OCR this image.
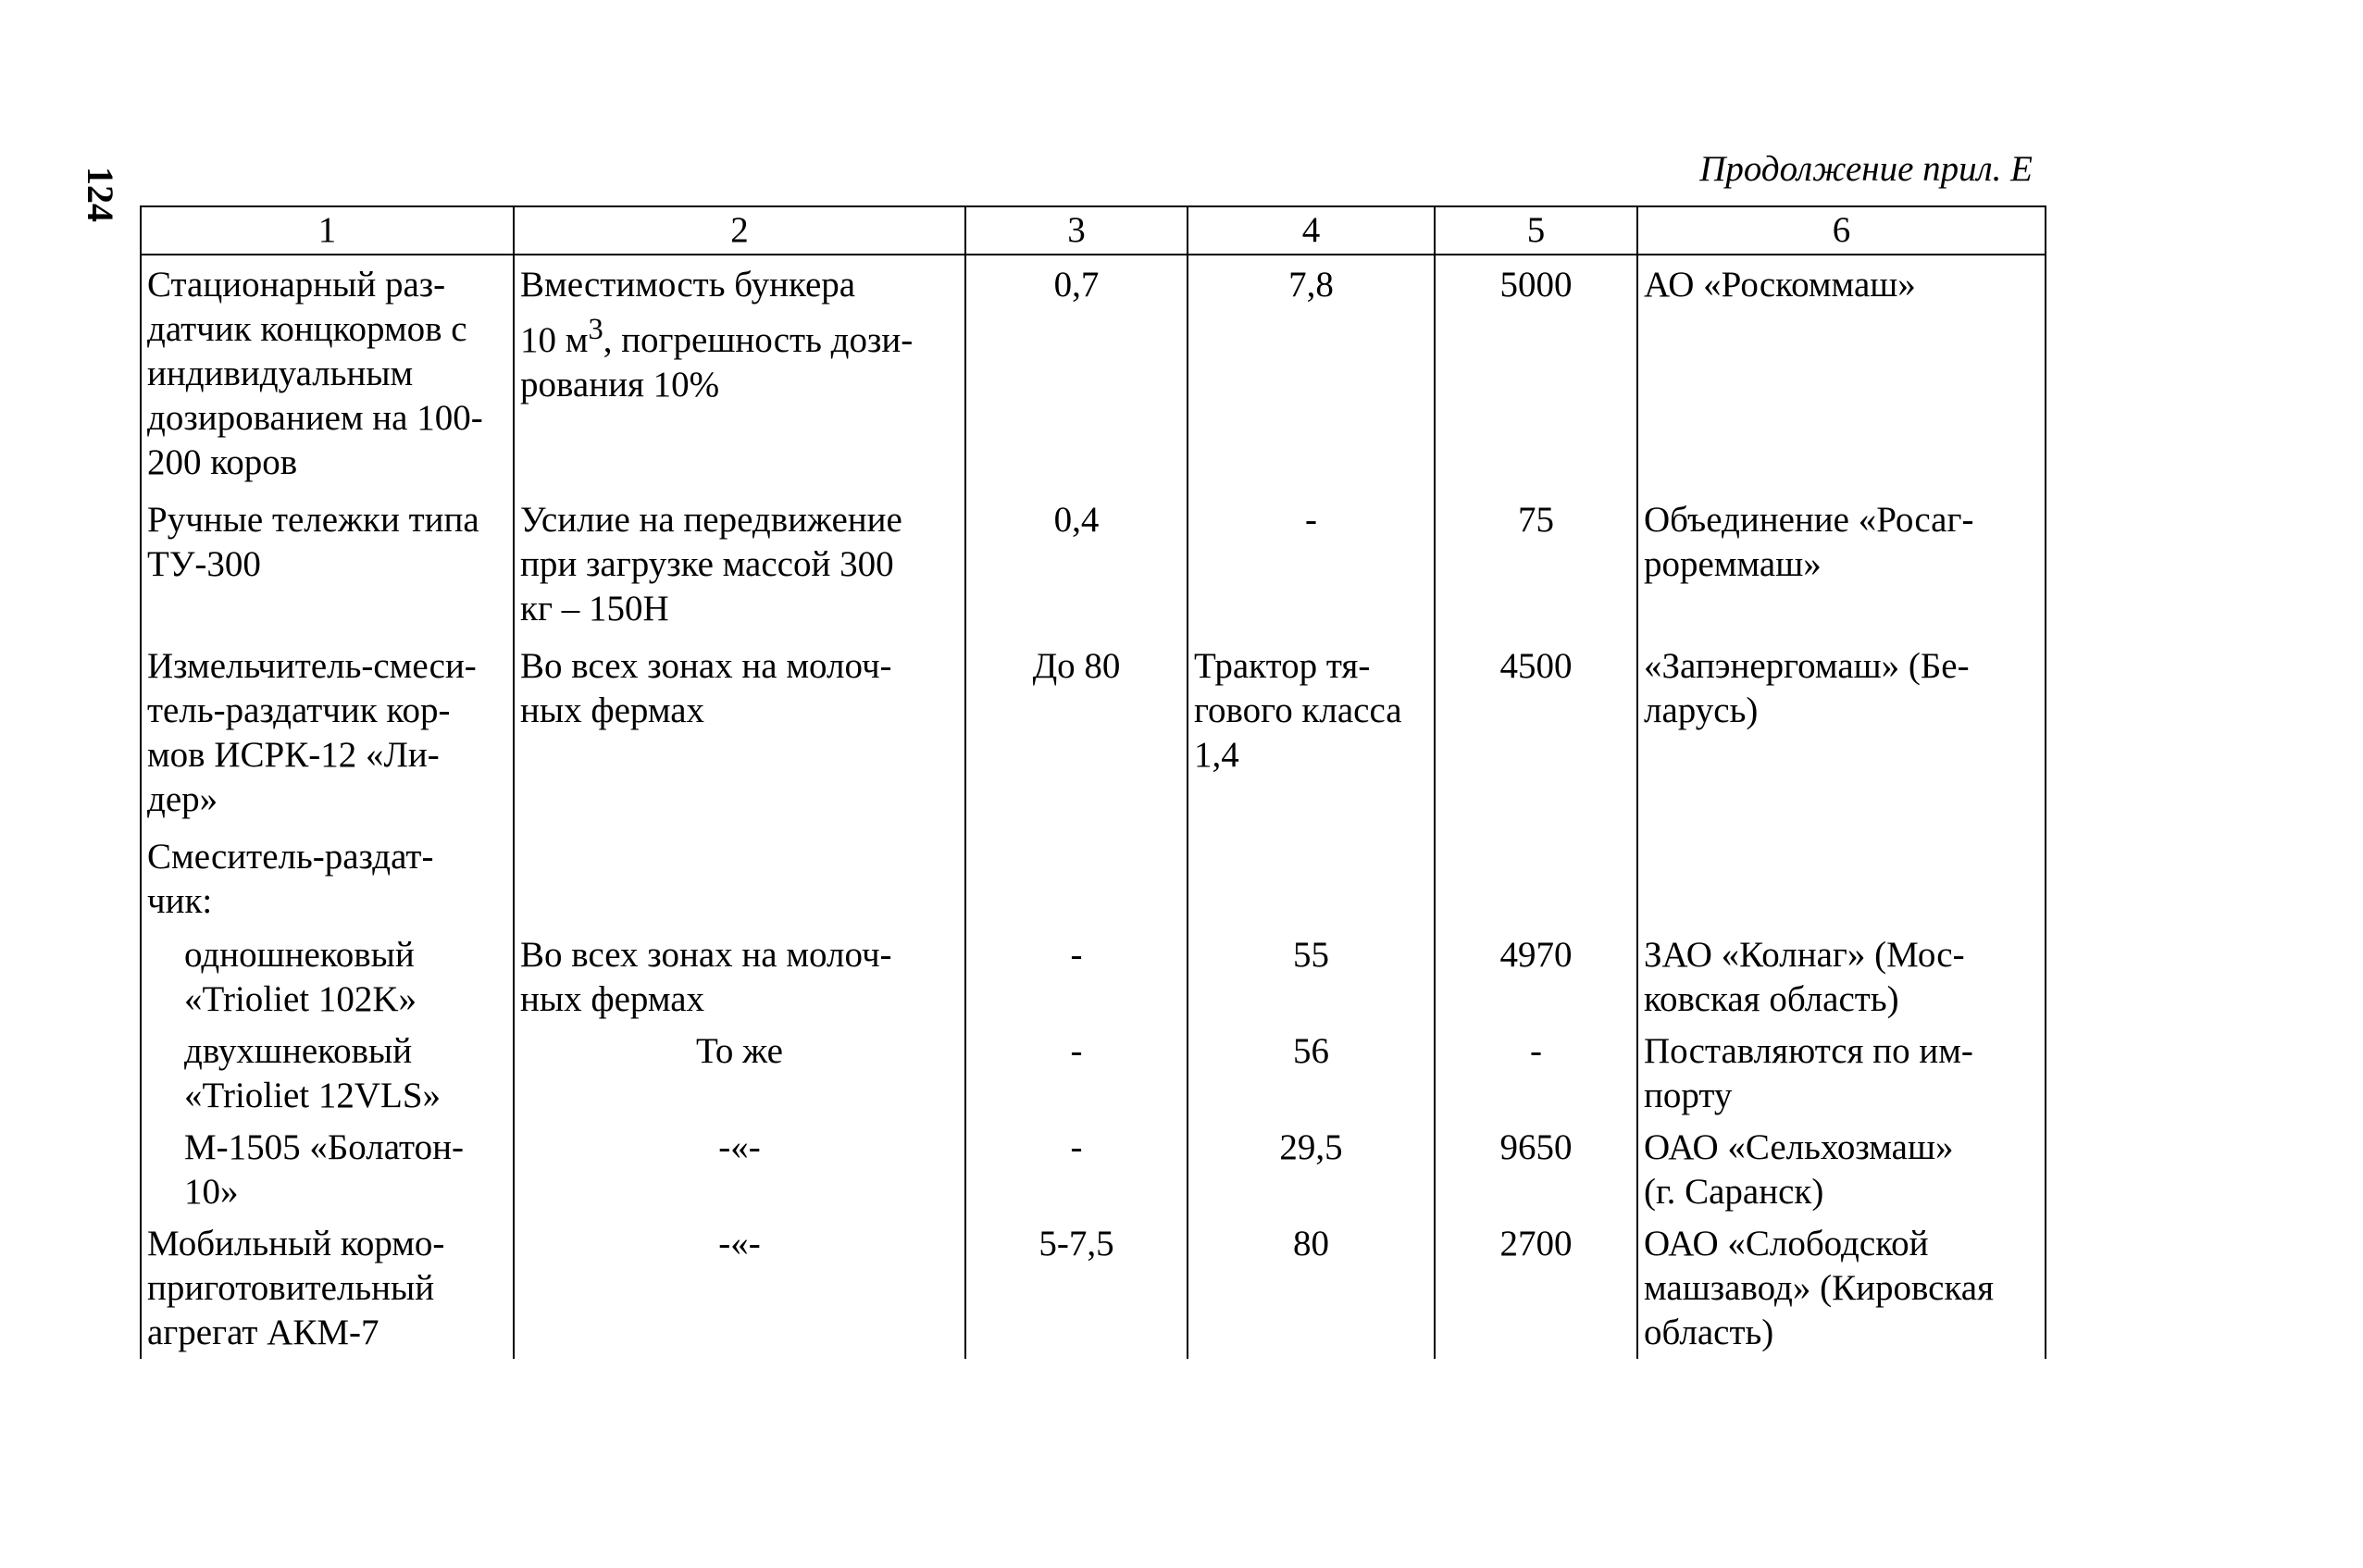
124	Продолжение прил. Е
1	2	3	4	5	6
Стационарный раз-
датчик концкормов с
индивидуальным
дозированием на 100-
200 коров	Вместимость бункера
10 $м^3$, погрешность дози-
рования 10%	0,7	7,8	5000	АО «Роскоммаш»
Ручные тележки типа
ТУ-300	Усилие на передвижение
при загрузке массой 300
кг – 150Н	0,4	-	75	Объединение «Росаг-
рореммаш»
Измельчитель-смеси-
тель-раздатчик кор-
мов ИСРК-12 «Ли-
дер»	Во всех зонах на молоч-
ных фермах	До 80	Трактор тя-
гового класса
1,4	4500	«Запэнергомаш» (Бе-
ларусь)
Смеситель-раздат-
чик:					
одношнековый
«Trioliet 102K»	Во всех зонах на молоч-
ных фермах	-	55	4970	ЗАО «Колнаг» (Мос-
ковская область)
двухшнековый
«Trioliet 12VLS»	То же	-	56	-	Поставляются по им-
порту
М-1505 «Болатон-
10»	-«-	-	29,5	9650	ОАО «Сельхозмаш»
(г. Саранск)
Мобильный кормо-
приготовительный
агрегат АКМ-7	-«-	5-7,5	80	2700	ОАО «Слободской
машзавод» (Кировская
область)
